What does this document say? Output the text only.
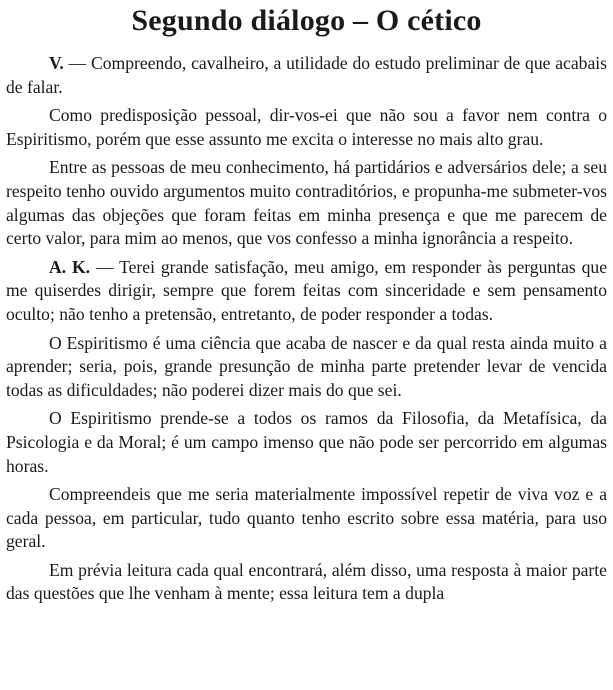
Segundo diálogo – O cético

V. — Compreendo, cavalheiro, a utilidade do estudo preliminar de que acabais de falar.

Como predisposição pessoal, dir-vos-ei que não sou a favor nem contra o Espiritismo, porém que esse assunto me excita o interesse no mais alto grau.

Entre as pessoas de meu conhecimento, há partidários e adversários dele; a seu respeito tenho ouvido argumentos muito contraditórios, e propunha-me submeter-vos algumas das objeções que foram feitas em minha presença e que me parecem de certo valor, para mim ao menos, que vos confesso a minha ignorância a respeito.

A. K. — Terei grande satisfação, meu amigo, em responder às perguntas que me quiserdes dirigir, sempre que forem feitas com sinceridade e sem pensamento oculto; não tenho a pretensão, entretanto, de poder responder a todas.

O Espiritismo é uma ciência que acaba de nascer e da qual resta ainda muito a aprender; seria, pois, grande presunção de minha parte pretender levar de vencida todas as dificuldades; não poderei dizer mais do que sei.

O Espiritismo prende-se a todos os ramos da Filosofia, da Metafísica, da Psicologia e da Moral; é um campo imenso que não pode ser percorrido em algumas horas.

Compreendeis que me seria materialmente impossível repetir de viva voz e a cada pessoa, em particular, tudo quanto tenho escrito sobre essa matéria, para uso geral.

Em prévia leitura cada qual encontrará, além disso, uma resposta à maior parte das questões que lhe venham à mente; essa leitura tem a dupla
